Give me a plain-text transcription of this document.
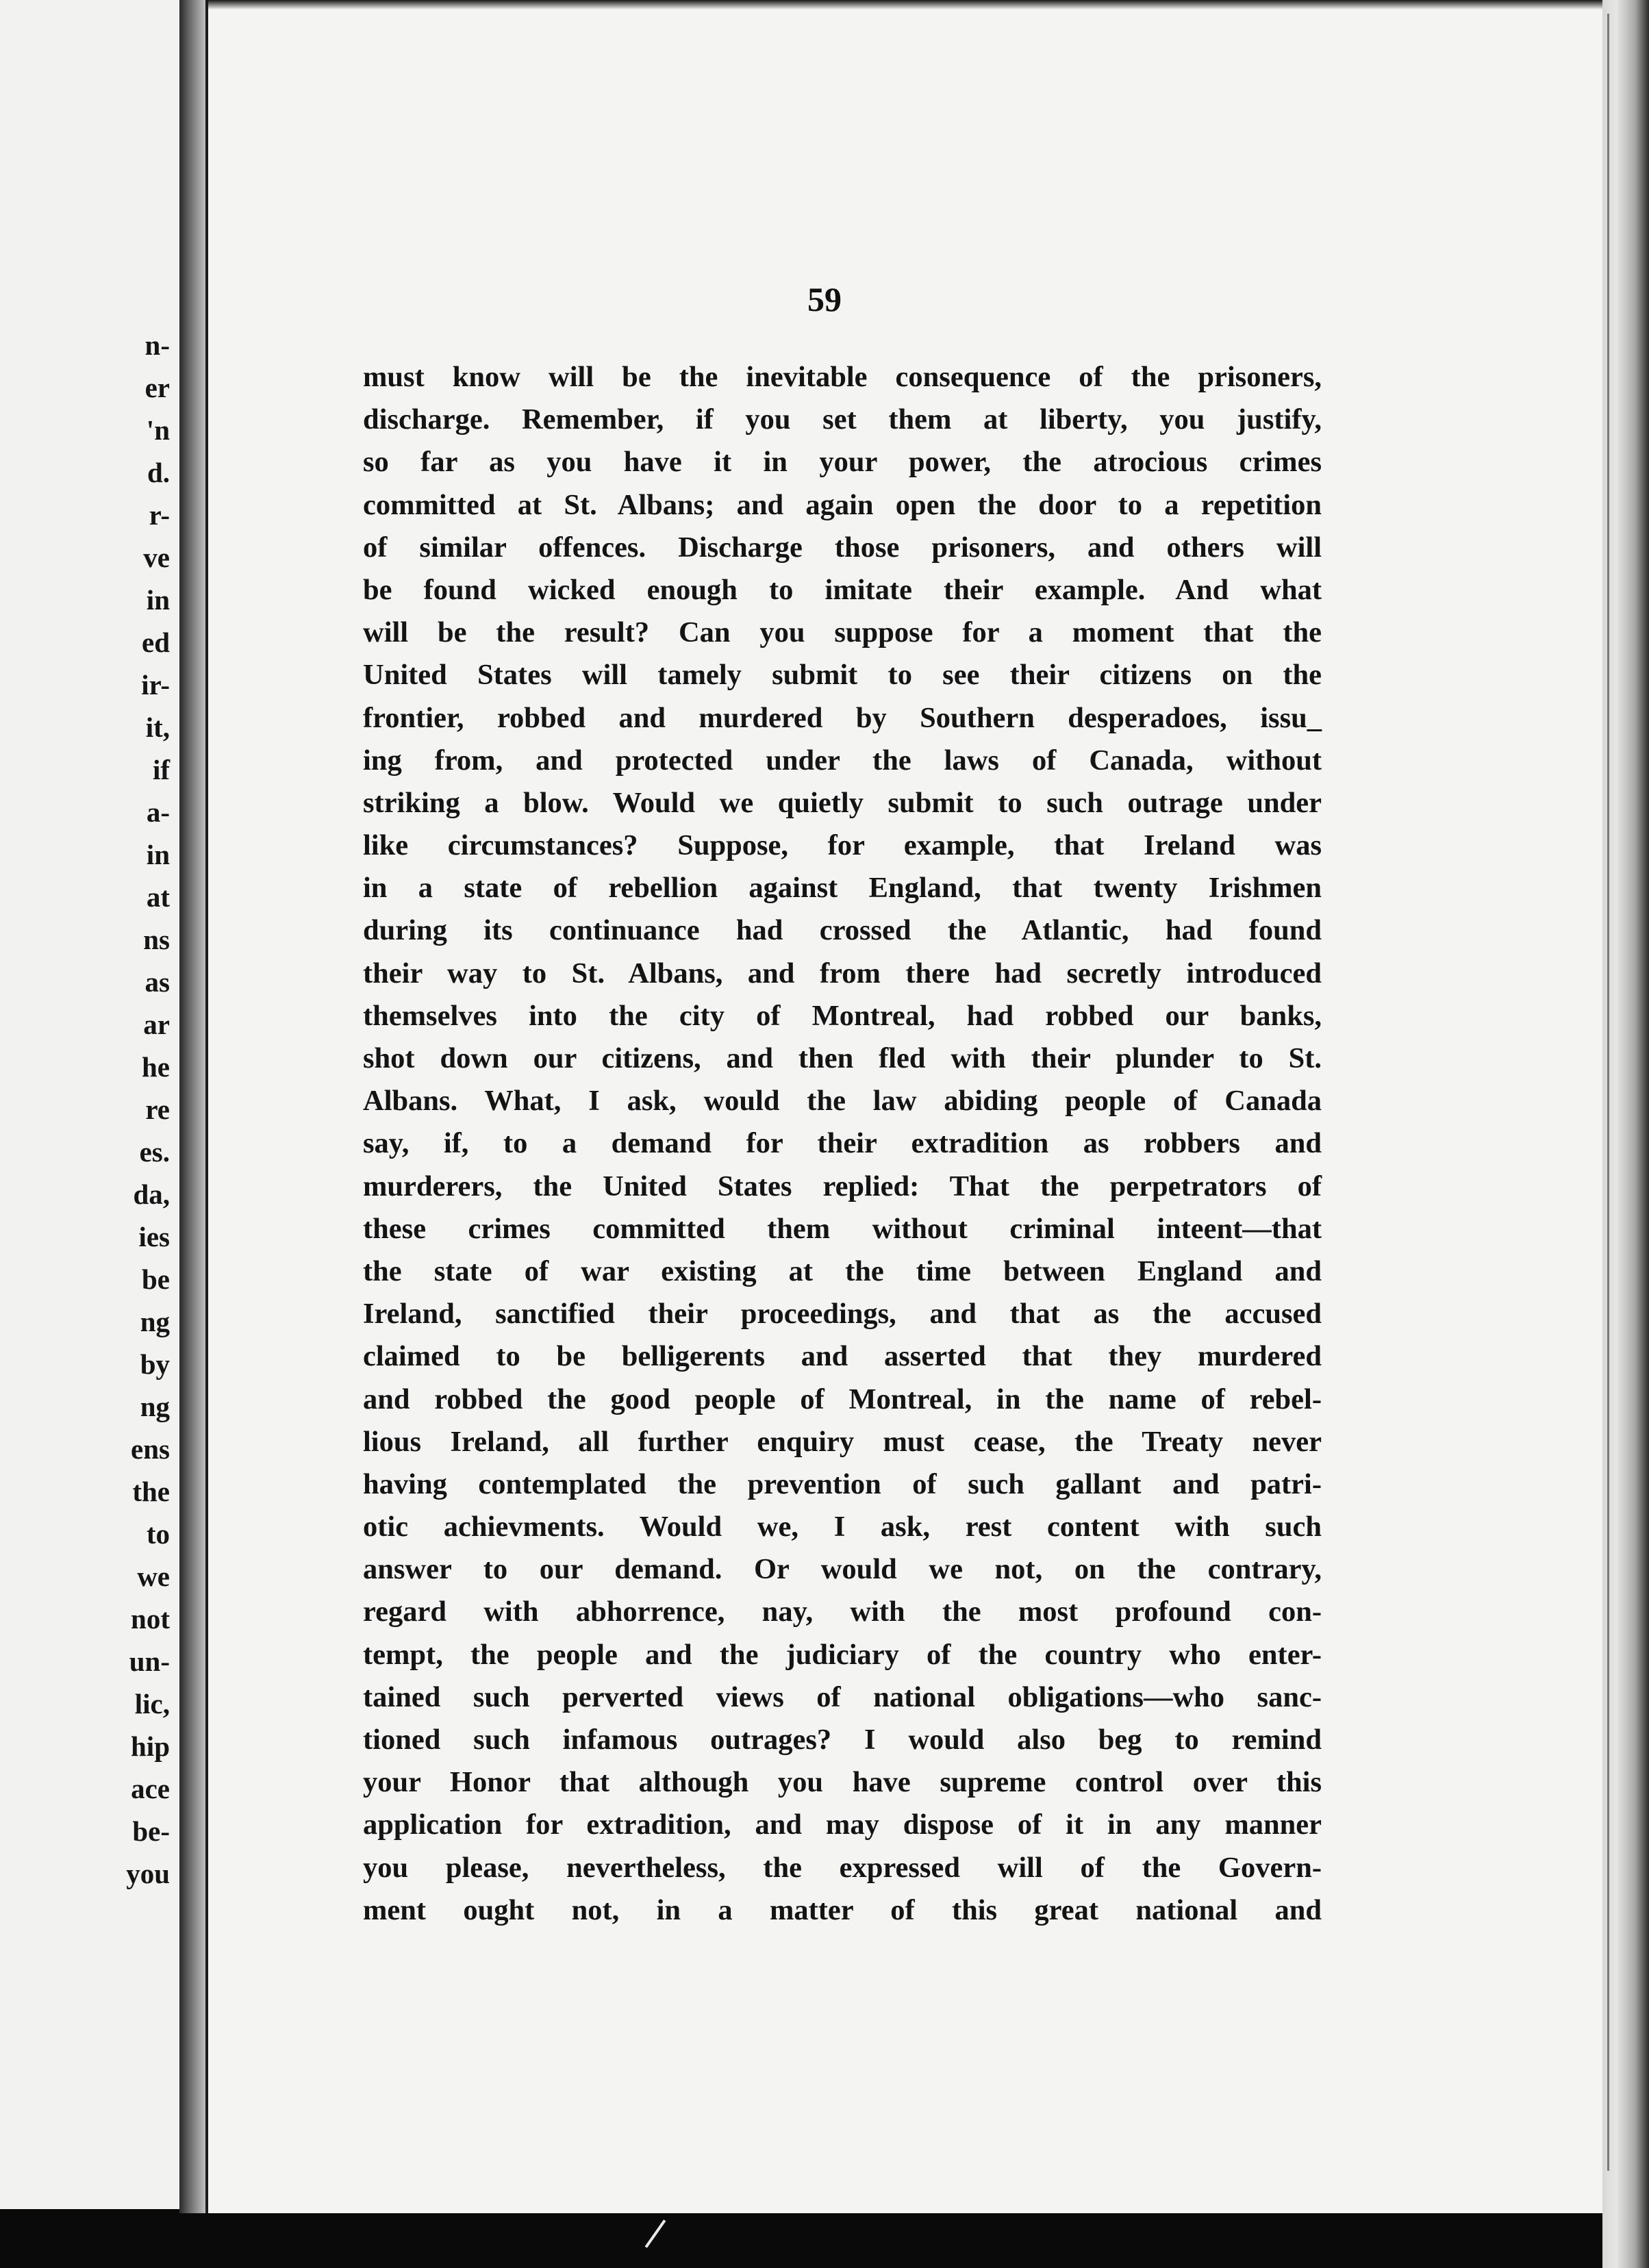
n-
er
'n
d.
r-
ve
in
ed
ir-
it,
if
a-
in
at
ns
as
ar
he
re
es.
da,
ies
be
ng
by
ng
ens
the
to
we
not
un-
lic,
hip
ace
be-
you
59
must know will be the inevitable consequence of the prisoners,
discharge. Remember, if you set them at liberty, you justify,
so far as you have it in your power, the atrocious crimes
committed at St. Albans; and again open the door to a repetition
of similar offences. Discharge those prisoners, and others will
be found wicked enough to imitate their example. And what
will be the result? Can you suppose for a moment that the
United States will tamely submit to see their citizens on the
frontier, robbed and murdered by Southern desperadoes, issu_
ing from, and protected under the laws of Canada, without
striking a blow. Would we quietly submit to such outrage under
like circumstances? Suppose, for example, that Ireland was
in a state of rebellion against England, that twenty Irishmen
during its continuance had crossed the Atlantic, had found
their way to St. Albans, and from there had secretly introduced
themselves into the city of Montreal, had robbed our banks,
shot down our citizens, and then fled with their plunder to St.
Albans. What, I ask, would the law abiding people of Canada
say, if, to a demand for their extradition as robbers and
murderers, the United States replied: That the perpetrators of
these crimes committed them without criminal inteent—that
the state of war existing at the time between England and
Ireland, sanctified their proceedings, and that as the accused
claimed to be belligerents and asserted that they murdered
and robbed the good people of Montreal, in the name of rebel-
lious Ireland, all further enquiry must cease, the Treaty never
having contemplated the prevention of such gallant and patri-
otic achievments. Would we, I ask, rest content with such
answer to our demand. Or would we not, on the contrary,
regard with abhorrence, nay, with the most profound con-
tempt, the people and the judiciary of the country who enter-
tained such perverted views of national obligations—who sanc-
tioned such infamous outrages? I would also beg to remind
your Honor that although you have supreme control over this
application for extradition, and may dispose of it in any manner
you please, nevertheless, the expressed will of the Govern-
ment ought not, in a matter of this great national and
